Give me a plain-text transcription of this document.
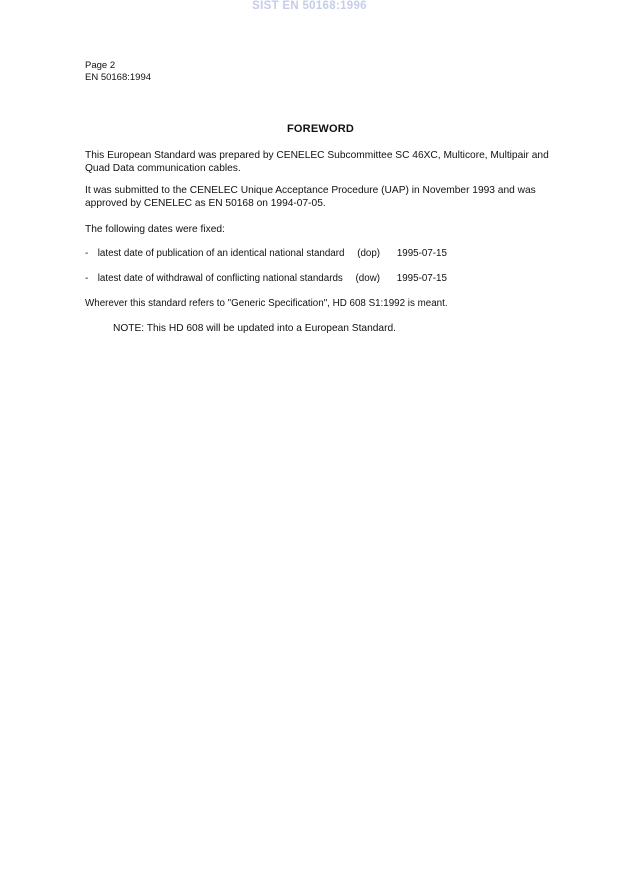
SIST EN 50168:1996
Page 2
EN 50168:1994
FOREWORD

This European Standard was prepared by CENELEC Subcommittee SC 46XC, Multicore, Multipair and Quad Data communication cables.

It was submitted to the CENELEC Unique Acceptance Procedure (UAP) in November 1993 and was approved by CENELEC as EN 50168 on 1994-07-05.

The following dates were fixed:

- latest date of publication of an identical national standard (dop) 1995-07-15
- latest date of withdrawal of conflicting national standards (dow) 1995-07-15

Wherever this standard refers to "Generic Specification", HD 608 S1:1992 is meant.

NOTE: This HD 608 will be updated into a European Standard.
